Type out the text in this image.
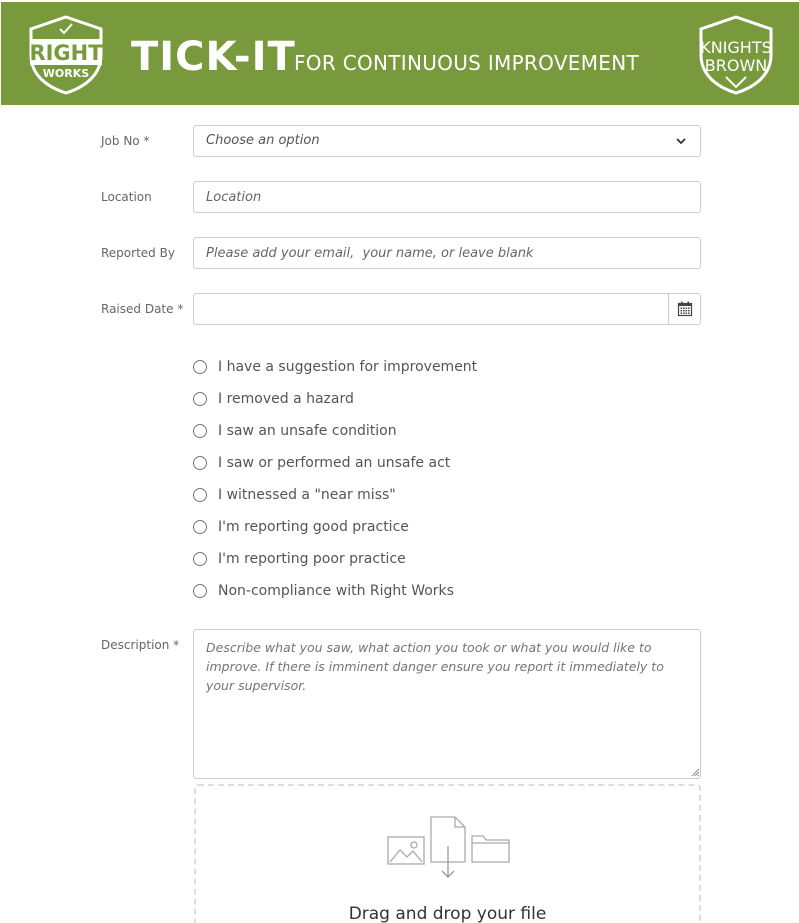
RIGHT
WORKS TICK-IT
FOR CONTINUOUS IMPROVEMENT
KNIGHTS
BROWN
Job No *	Choose an option
Location
Location
Reported By
Please add your email, your name, or leave blank
Raised Date *
I have a suggestion for improvement
I removed a hazard
I saw an unsafe condition
I saw or performed an unsafe act
I witnessed a "near miss"
I'm reporting good practice
I'm reporting poor practice
Non-compliance with Right Works
Description *
Describe what you saw, what action you took or what you would like to improve. If there is imminent danger ensure you report it immediately to your supervisor.
Drag and drop your file
